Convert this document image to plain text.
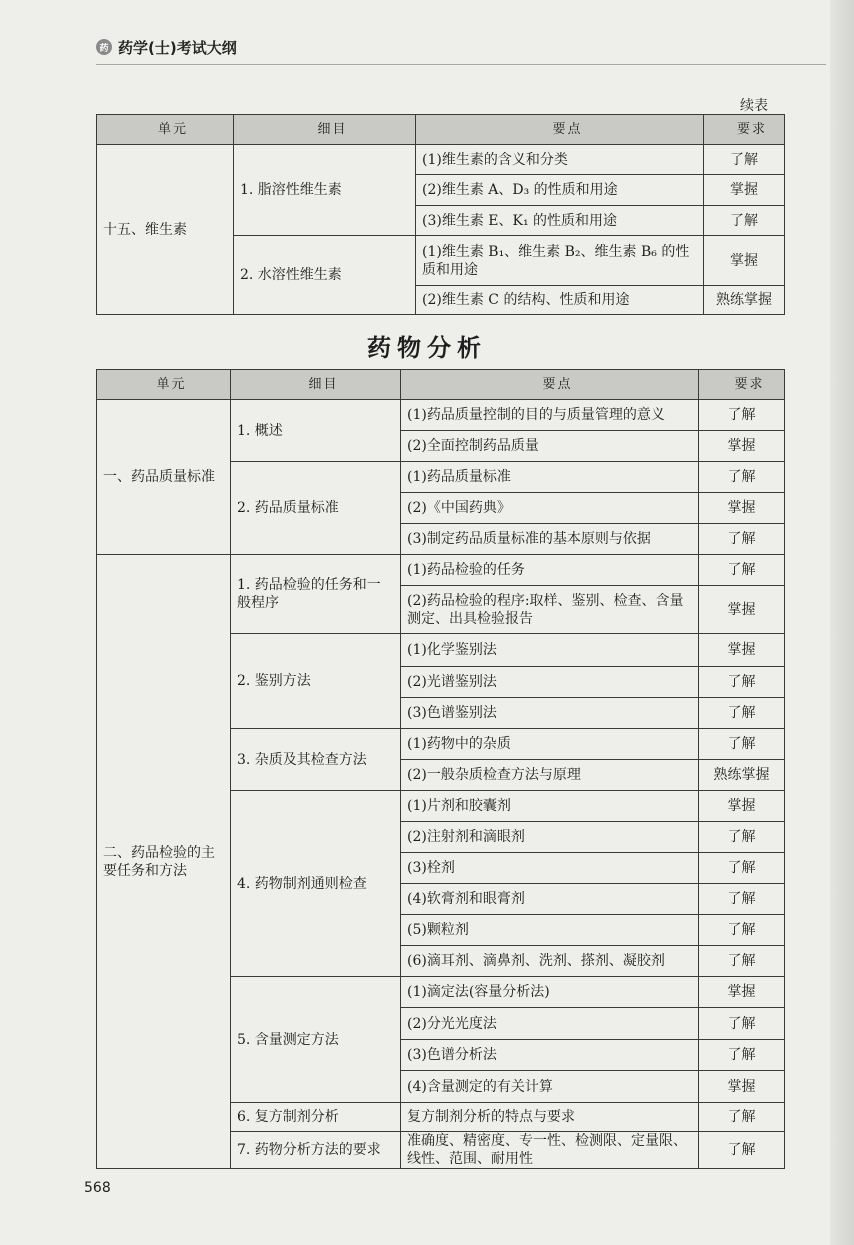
药 药学(士)考试大纲
续表
单元	细目	要点	要求
十五、维生素	1. 脂溶性维生素	(1)维生素的含义和分类	了解
		(2)维生素 A、D₃ 的性质和用途	掌握
		(3)维生素 E、K₁ 的性质和用途	了解
	2. 水溶性维生素	(1)维生素 B₁、维生素 B₂、维生素 B₆ 的性质和用途	掌握
		(2)维生素 C 的结构、性质和用途	熟练掌握
药物分析
单元	细目	要点	要求
一、药品质量标准	1. 概述	(1)药品质量控制的目的与质量管理的意义	了解
		(2)全面控制药品质量	掌握
	2. 药品质量标准	(1)药品质量标准	了解
		(2)《中国药典》	掌握
		(3)制定药品质量标准的基本原则与依据	了解
二、药品检验的主要任务和方法	1. 药品检验的任务和一般程序	(1)药品检验的任务	了解
		(2)药品检验的程序:取样、鉴别、检查、含量测定、出具检验报告	掌握
	2. 鉴别方法	(1)化学鉴别法	掌握
		(2)光谱鉴别法	了解
		(3)色谱鉴别法	了解
	3. 杂质及其检查方法	(1)药物中的杂质	了解
		(2)一般杂质检查方法与原理	熟练掌握
	4. 药物制剂通则检查	(1)片剂和胶囊剂	掌握
		(2)注射剂和滴眼剂	了解
		(3)栓剂	了解
		(4)软膏剂和眼膏剂	了解
		(5)颗粒剂	了解
		(6)滴耳剂、滴鼻剂、洗剂、搽剂、凝胶剂	了解
	5. 含量测定方法	(1)滴定法(容量分析法)	掌握
		(2)分光光度法	了解
		(3)色谱分析法	了解
		(4)含量测定的有关计算	掌握
	6. 复方制剂分析	复方制剂分析的特点与要求	了解
	7. 药物分析方法的要求	准确度、精密度、专一性、检测限、定量限、线性、范围、耐用性	了解
568
